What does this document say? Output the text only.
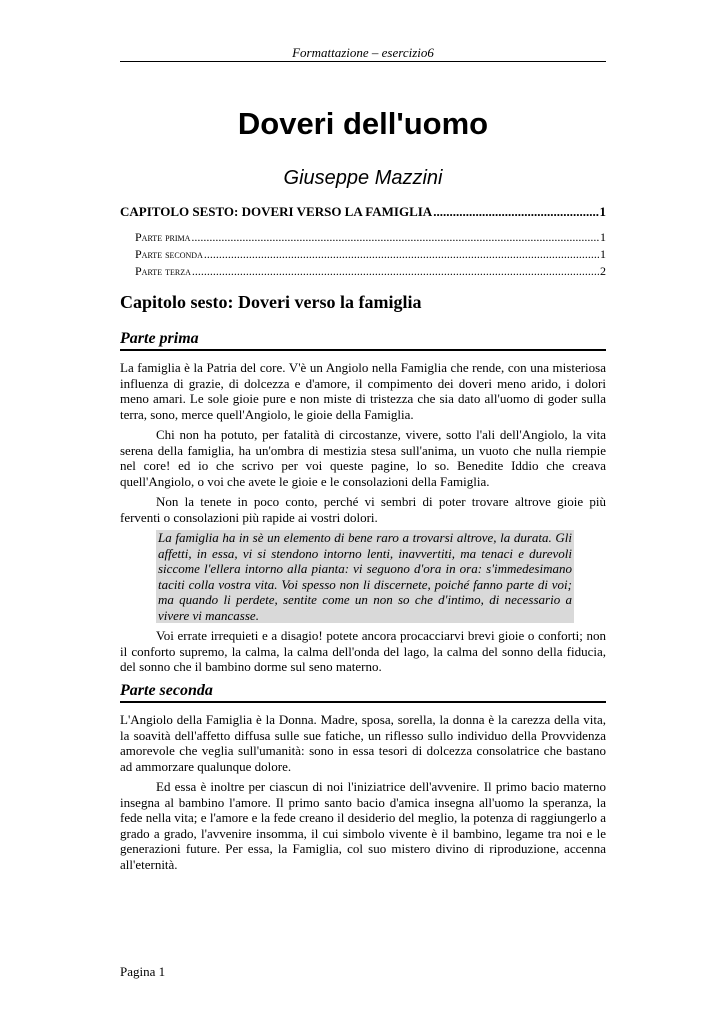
Formattazione – esercizio6
Doveri dell'uomo
Giuseppe Mazzini
CAPITOLO SESTO: DOVERI VERSO LA FAMIGLIA .....	1
Parte prima .....	1
Parte seconda .....	1
Parte terza .....	2
Capitolo sesto: Doveri verso la famiglia
Parte prima

La famiglia è la Patria del core. V'è un Angiolo nella Famiglia che rende, con una misteriosa influenza di grazie, di dolcezza e d'amore, il compimento dei doveri meno arido, i dolori meno amari. Le sole gioie pure e non miste di tristezza che sia dato all'uomo di goder sulla terra, sono, merce quell'Angiolo, le gioie della Famiglia.

Chi non ha potuto, per fatalità di circostanze, vivere, sotto l'ali dell'Angiolo, la vita serena della famiglia, ha un'ombra di mestizia stesa sull'anima, un vuoto che nulla riempie nel core! ed io che scrivo per voi queste pagine, lo so. Benedite Iddio che creava quell'Angiolo, o voi che avete le gioie e le consolazioni della Famiglia.

Non la tenete in poco conto, perché vi sembri di poter trovare altrove gioie più ferventi o consolazioni più rapide ai vostri dolori.

La famiglia ha in sè un elemento di bene raro a trovarsi altrove, la durata. Gli affetti, in essa, vi si stendono intorno lenti, inavvertiti, ma tenaci e durevoli siccome l'ellera intorno alla pianta: vi seguono d'ora in ora: s'immedesimano taciti colla vostra vita. Voi spesso non li discernete, poiché fanno parte di voi; ma quando li perdete, sentite come un non so che d'intimo, di necessario a vivere vi mancasse.

Voi errate irrequieti e a disagio! potete ancora procacciarvi brevi gioie o conforti; non il conforto supremo, la calma, la calma dell'onda del lago, la calma del sonno della fiducia, del sonno che il bambino dorme sul seno materno.

Parte seconda

L'Angiolo della Famiglia è la Donna. Madre, sposa, sorella, la donna è la carezza della vita, la soavità dell'affetto diffusa sulle sue fatiche, un riflesso sullo individuo della Provvidenza amorevole che veglia sull'umanità: sono in essa tesori di dolcezza consolatrice che bastano ad ammorzare qualunque dolore.

Ed essa è inoltre per ciascun di noi l'iniziatrice dell'avvenire. Il primo bacio materno insegna al bambino l'amore. Il primo santo bacio d'amica insegna all'uomo la speranza, la fede nella vita; e l'amore e la fede creano il desiderio del meglio, la potenza di raggiungerlo a grado a grado, l'avvenire insomma, il cui simbolo vivente è il bambino, legame tra noi e le generazioni future. Per essa, la Famiglia, col suo mistero divino di riproduzione, accenna all'eternità.

Pagina 1
